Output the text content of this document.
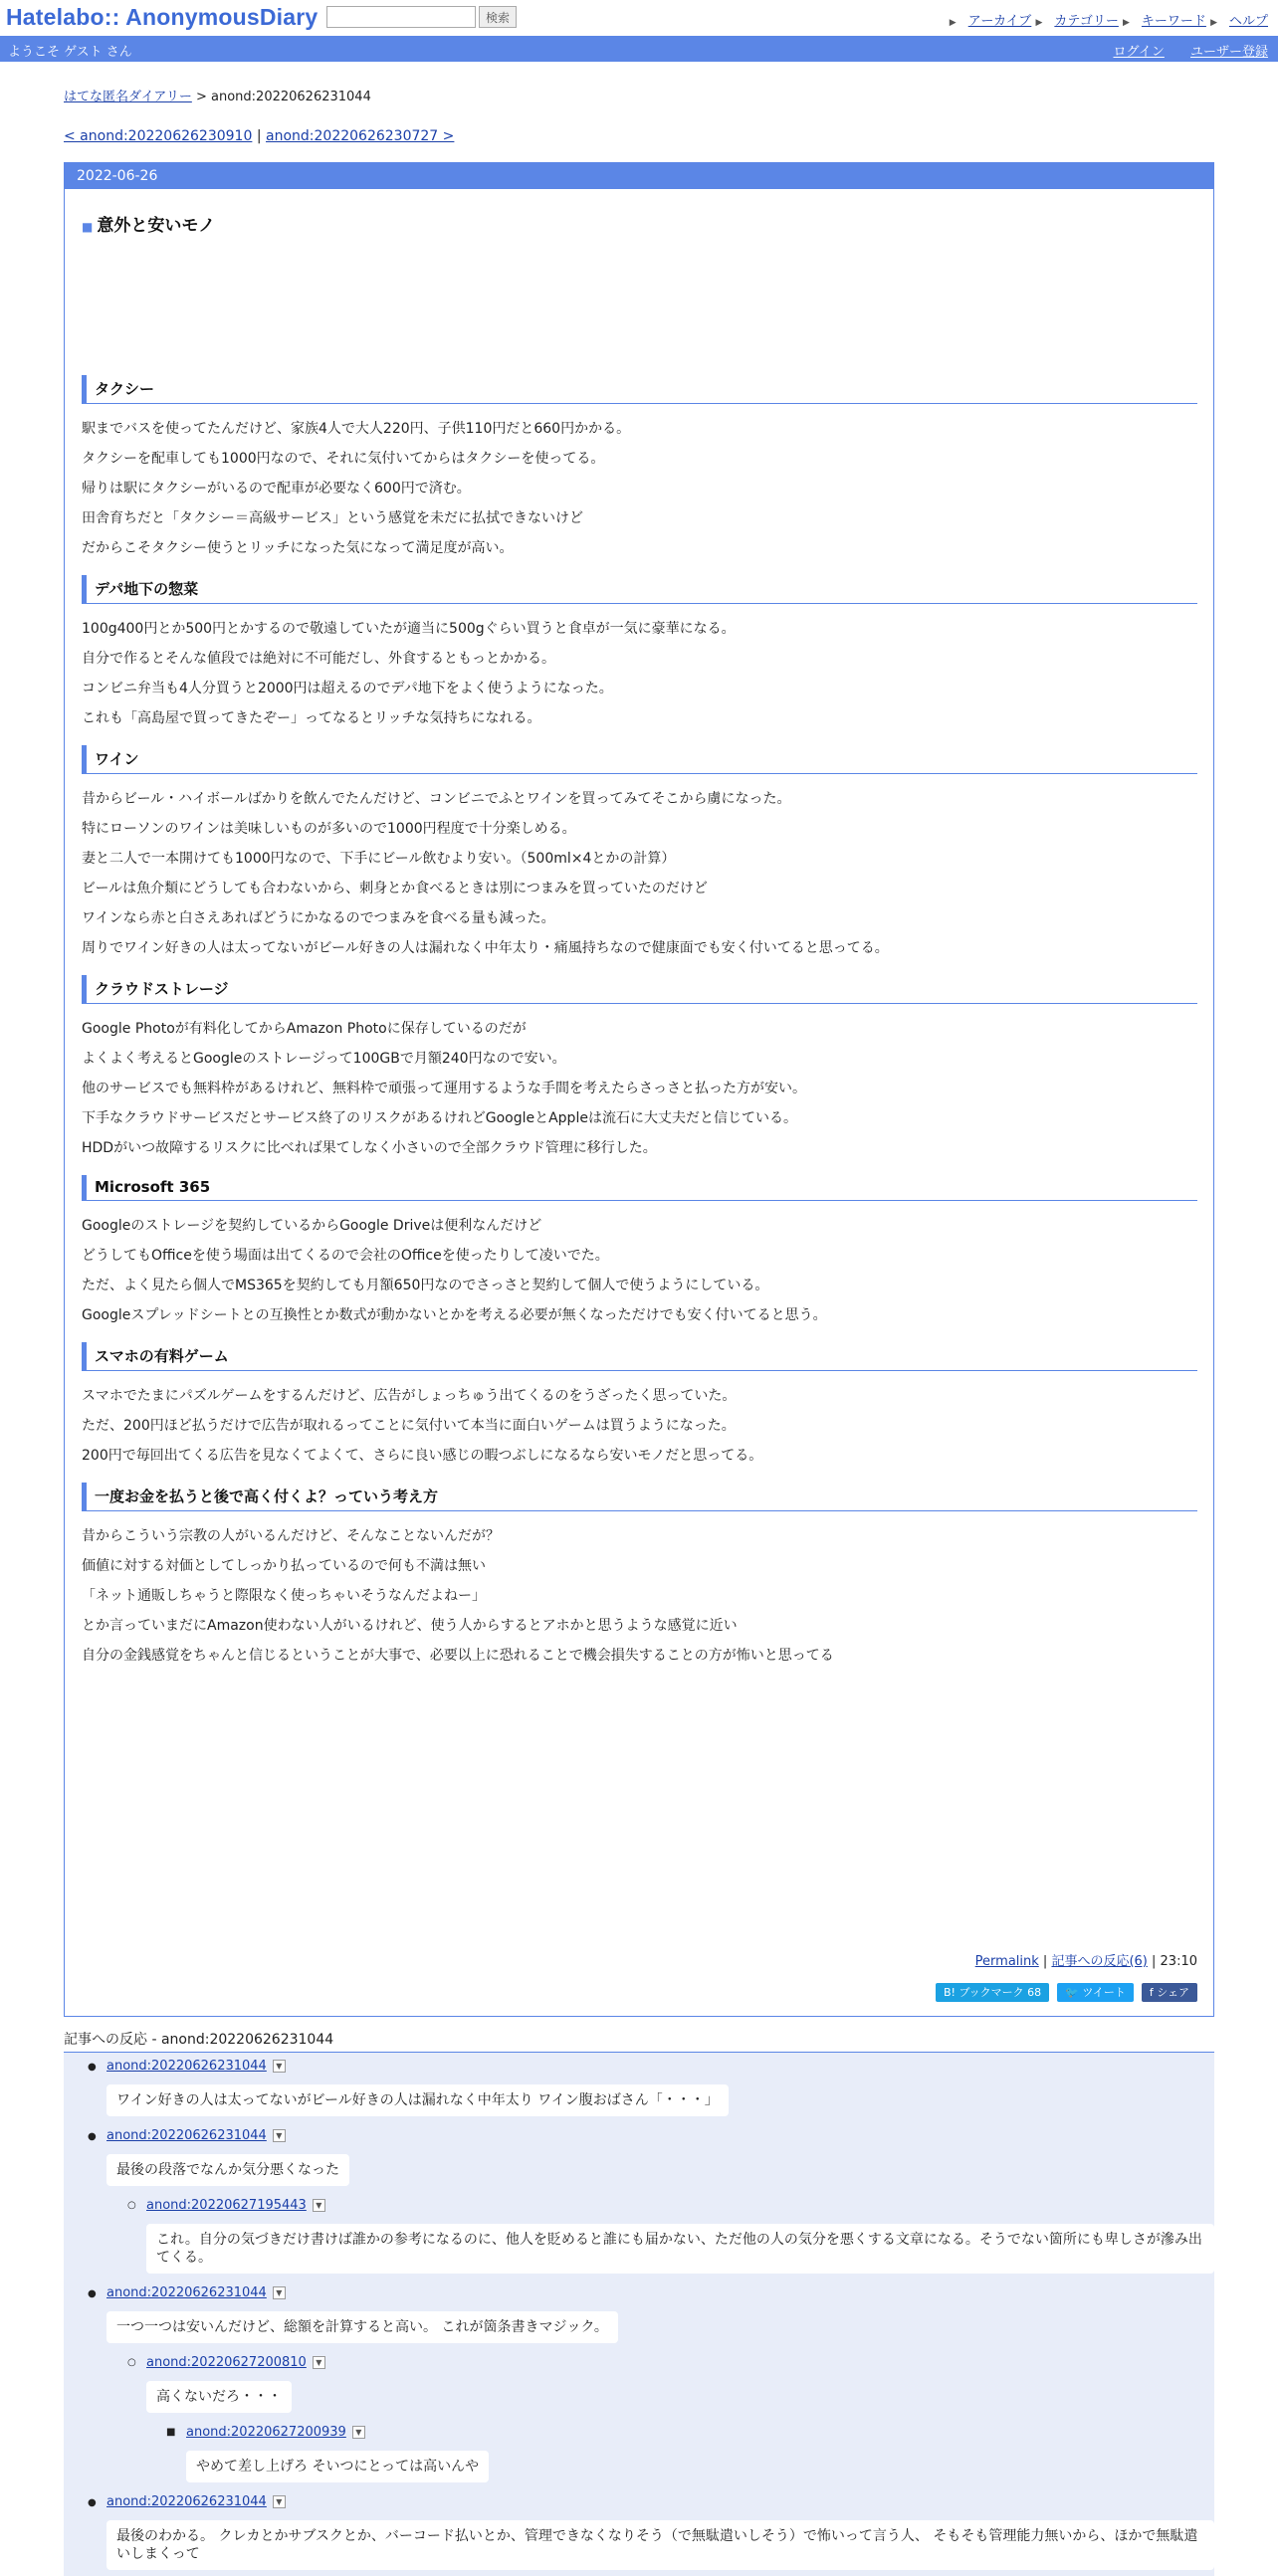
Hatelabo:: AnonymousDiary	検索	▶ アーカイブ ▶ カテゴリー ▶ キーワード ▶ ヘルプ
ようこそ ゲスト さん	ログイン ユーザー登録
はてな匿名ダイアリー > anond:20220626231044
< anond:20220626230910 | anond:20220626230727 >
2022-06-26
■ 意外と安いモノ
タクシー

駅までバスを使ってたんだけど、家族4人で大人220円、子供110円だと660円かかる。

タクシーを配車しても1000円なので、それに気付いてからはタクシーを使ってる。

帰りは駅にタクシーがいるので配車が必要なく600円で済む。

田舎育ちだと「タクシー＝高級サービス」という感覚を未だに払拭できないけど

だからこそタクシー使うとリッチになった気になって満足度が高い。

デパ地下の惣菜

100g400円とか500円とかするので敬遠していたが適当に500gぐらい買うと食卓が一気に豪華になる。

自分で作るとそんな値段では絶対に不可能だし、外食するともっとかかる。

コンビニ弁当も4人分買うと2000円は超えるのでデパ地下をよく使うようになった。

これも「高島屋で買ってきたぞー」ってなるとリッチな気持ちになれる。

ワイン

昔からビール・ハイボールばかりを飲んでたんだけど、コンビニでふとワインを買ってみてそこから虜になった。

特にローソンのワインは美味しいものが多いので1000円程度で十分楽しめる。

妻と二人で一本開けても1000円なので、下手にビール飲むより安い。（500ml×4とかの計算）

ビールは魚介類にどうしても合わないから、刺身とか食べるときは別につまみを買っていたのだけど

ワインなら赤と白さえあればどうにかなるのでつまみを食べる量も減った。

周りでワイン好きの人は太ってないがビール好きの人は漏れなく中年太り・痛風持ちなので健康面でも安く付いてると思ってる。

クラウドストレージ

Google Photoが有料化してからAmazon Photoに保存しているのだが

よくよく考えるとGoogleのストレージって100GBで月額240円なので安い。

他のサービスでも無料枠があるけれど、無料枠で頑張って運用するような手間を考えたらさっさと払った方が安い。

下手なクラウドサービスだとサービス終了のリスクがあるけれどGoogleとAppleは流石に大丈夫だと信じている。

HDDがいつ故障するリスクに比べれば果てしなく小さいので全部クラウド管理に移行した。

Microsoft 365

Googleのストレージを契約しているからGoogle Driveは便利なんだけど

どうしてもOfficeを使う場面は出てくるので会社のOfficeを使ったりして凌いでた。

ただ、よく見たら個人でMS365を契約しても月額650円なのでさっさと契約して個人で使うようにしている。

Googleスプレッドシートとの互換性とか数式が動かないとかを考える必要が無くなっただけでも安く付いてると思う。

スマホの有料ゲーム

スマホでたまにパズルゲームをするんだけど、広告がしょっちゅう出てくるのをうざったく思っていた。

ただ、200円ほど払うだけで広告が取れるってことに気付いて本当に面白いゲームは買うようになった。

200円で毎回出てくる広告を見なくてよくて、さらに良い感じの暇つぶしになるなら安いモノだと思ってる。

一度お金を払うと後で高く付くよ？っていう考え方

昔からこういう宗教の人がいるんだけど、そんなことないんだが？

価値に対する対価としてしっかり払っているので何も不満は無い

「ネット通販しちゃうと際限なく使っちゃいそうなんだよねー」

とか言っていまだにAmazon使わない人がいるけれど、使う人からするとアホかと思うような感覚に近い

自分の金銭感覚をちゃんと信じるということが大事で、必要以上に恐れることで機会損失することの方が怖いと思ってる

Permalink | 記事への反応(6) | 23:10
B! ブックマーク 68	🐦 ツイート	f シェア
記事への反応 - anond:20220626231044
● anond:20220626231044 ▼
ワイン好きの人は太ってないがビール好きの人は漏れなく中年太り ワイン腹おばさん「・・・」
● anond:20220626231044 ▼
最後の段落でなんか気分悪くなった
○ anond:20220627195443 ▼
これ。自分の気づきだけ書けば誰かの参考になるのに、他人を貶めると誰にも届かない、ただ他の人の気分を悪くする文章になる。そうでない箇所にも卑しさが滲み出てくる。
● anond:20220626231044 ▼
一つ一つは安いんだけど、総額を計算すると高い。 これが箇条書きマジック。
○ anond:20220627200810 ▼
高くないだろ・・・
■ anond:20220627200939 ▼
やめて差し上げろ そいつにとっては高いんや
● anond:20220626231044 ▼
最後のわかる。 クレカとかサブスクとか、バーコード払いとか、管理できなくなりそう（で無駄遣いしそう）で怖いって言う人、 そもそも管理能力無いから、ほかで無駄遣いしまくって
